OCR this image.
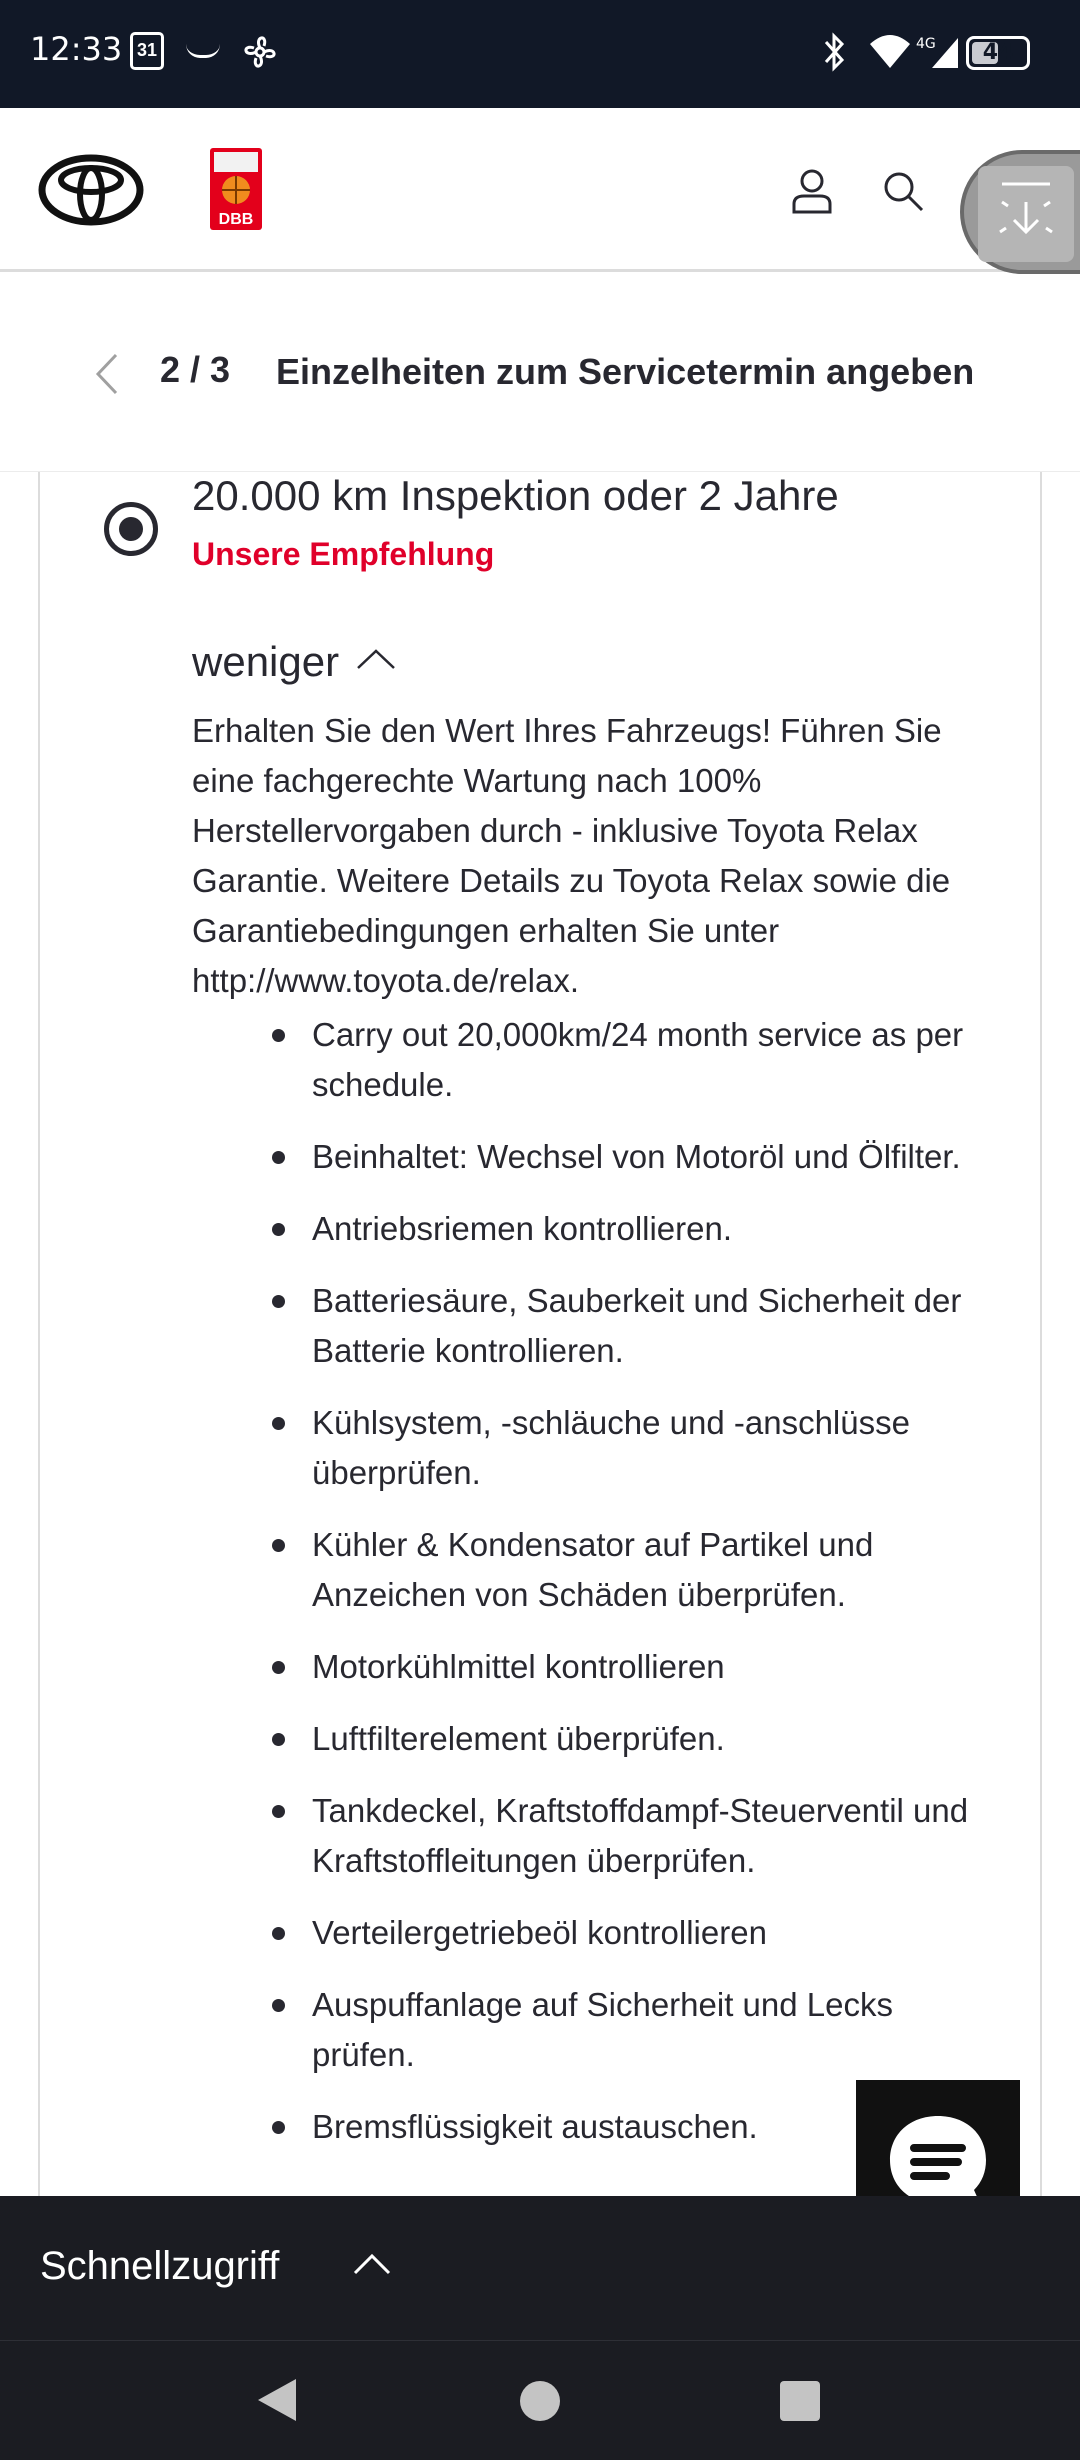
12:33 31	4G	44
DBB
2 / 3 Einzelheiten zum Servicetermin angeben
20.000 km Inspektion oder 2 Jahre
Unsere Empfehlung
weniger
Erhalten Sie den Wert Ihres Fahrzeugs! Führen Sie eine fachgerechte Wartung nach 100% Herstellervorgaben durch - inklusive Toyota Relax Garantie. Weitere Details zu Toyota Relax sowie die Garantiebedingungen erhalten Sie unter http://www.toyota.de/relax.
Carry out 20,000km/24 month service as per schedule.
Beinhaltet: Wechsel von Motoröl und Ölfilter.
Antriebsriemen kontrollieren.
Batteriesäure, Sauberkeit und Sicherheit der Batterie kontrollieren.
Kühlsystem, -schläuche und -anschlüsse überprüfen.
Kühler & Kondensator auf Partikel und Anzeichen von Schäden überprüfen.
Motorkühlmittel kontrollieren
Luftfilterelement überprüfen.
Tankdeckel, Kraftstoffdampf-Steuerventil und Kraftstoffleitungen überprüfen.
Verteilergetriebeöl kontrollieren
Auspuffanlage auf Sicherheit und Lecks prüfen.
Bremsflüssigkeit austauschen.
Schnellzugriff
